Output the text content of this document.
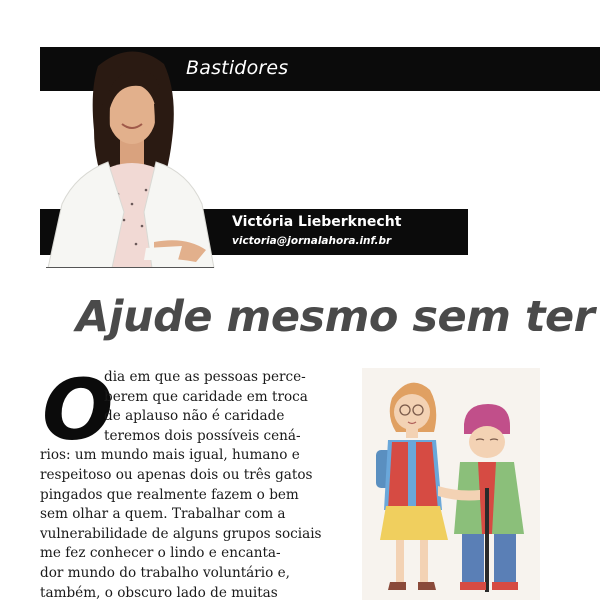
Bastidores
Victória Lieberknecht
victoria@jornalahora.inf.br
Ajude mesmo sem ter
O
dia em que as pessoas perce-
berem que caridade em troca
de aplauso não é caridade
teremos dois possíveis cená-
rios: um mundo mais igual, humano e
respeitoso ou apenas dois ou três gatos
pingados que realmente fazem o bem
sem olhar a quem. Trabalhar com a
vulnerabilidade de alguns grupos sociais
me fez conhecer o lindo e encanta-
dor mundo do trabalho voluntário e,
também, o obscuro lado de muitas
